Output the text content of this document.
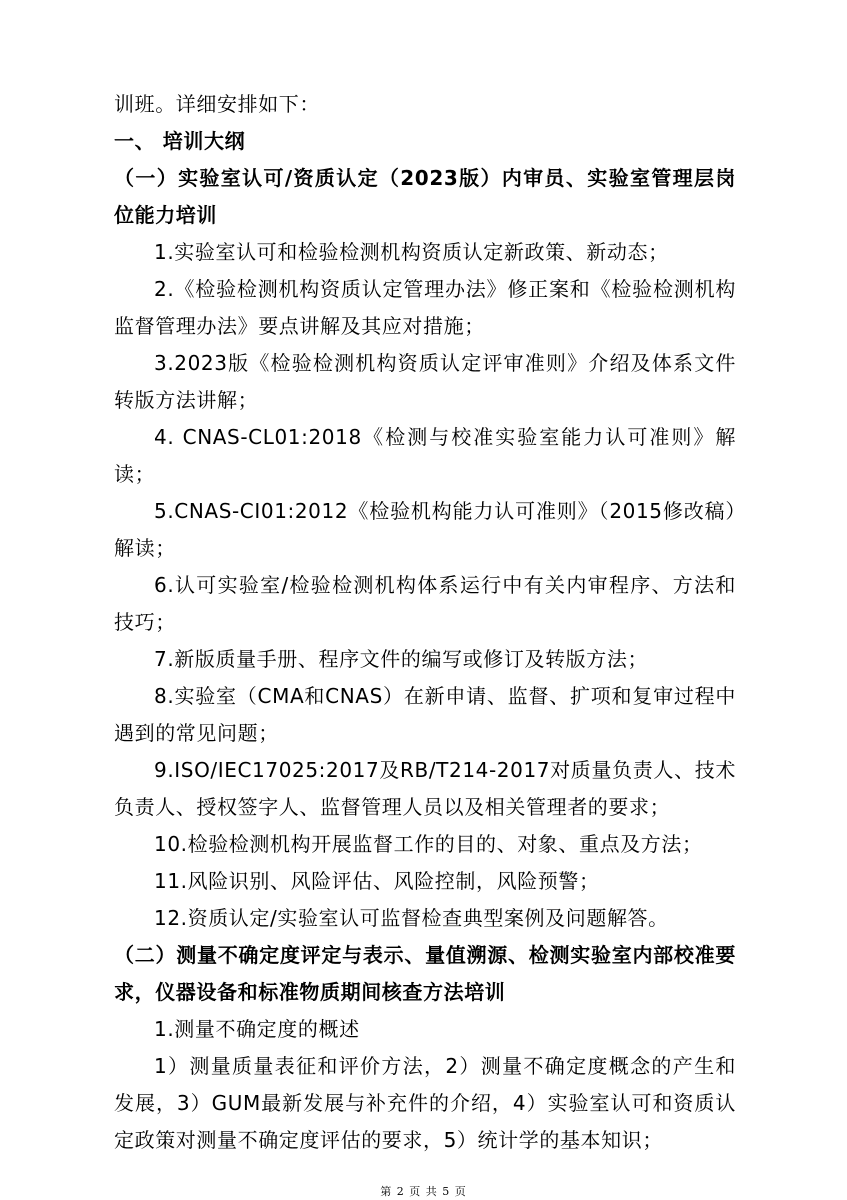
训班。详细安排如下：

一、 培训大纲

（一）实验室认可/资质认定（2023版）内审员、实验室管理层岗位能力培训

1.实验室认可和检验检测机构资质认定新政策、新动态；

2.《检验检测机构资质认定管理办法》修正案和《检验检测机构监督管理办法》要点讲解及其应对措施；

3.2023版《检验检测机构资质认定评审准则》介绍及体系文件转版方法讲解；

4. CNAS-CL01:2018《检测与校准实验室能力认可准则》解读；

5.CNAS-CI01:2012《检验机构能力认可准则》（2015修改稿）解读；

6.认可实验室/检验检测机构体系运行中有关内审程序、方法和技巧；

7.新版质量手册、程序文件的编写或修订及转版方法；

8.实验室（CMA和CNAS）在新申请、监督、扩项和复审过程中遇到的常见问题；

9.ISO/IEC17025:2017及RB/T214-2017对质量负责人、技术负责人、授权签字人、监督管理人员以及相关管理者的要求；

10.检验检测机构开展监督工作的目的、对象、重点及方法；

11.风险识别、风险评估、风险控制，风险预警；

12.资质认定/实验室认可监督检查典型案例及问题解答。

（二）测量不确定度评定与表示、量值溯源、检测实验室内部校准要求，仪器设备和标准物质期间核查方法培训

1.测量不确定度的概述

1）测量质量表征和评价方法，2）测量不确定度概念的产生和发展，3）GUM最新发展与补充件的介绍，4）实验室认可和资质认定政策对测量不确定度评估的要求，5）统计学的基本知识；

第 2 页 共 5 页
